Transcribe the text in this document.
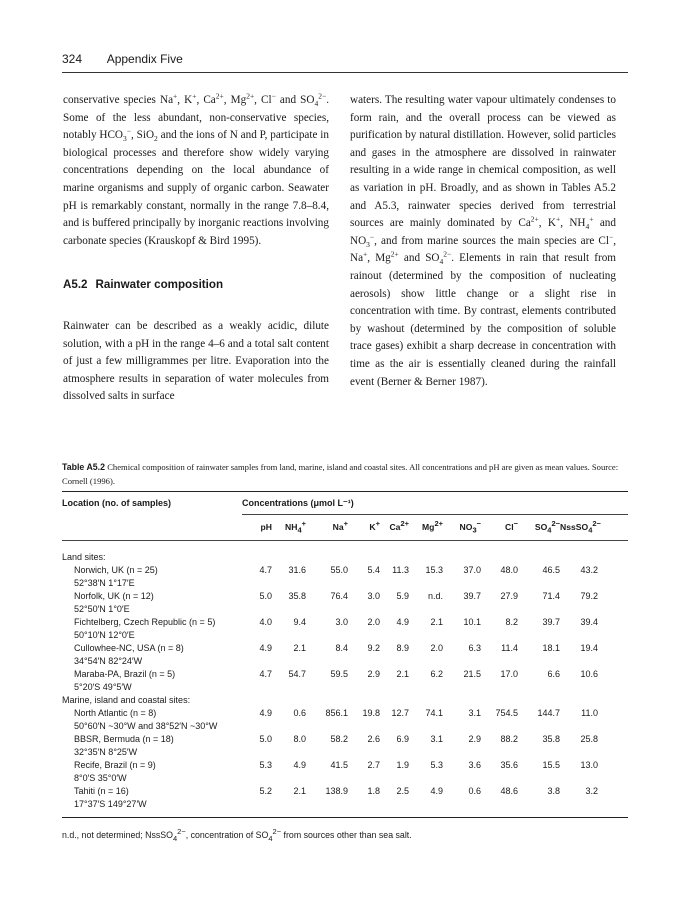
324 Appendix Five

conservative species Na+, K+, $Ca^{2+}$, $Mg^{2+}$, Cl− and $SO_4^{2-}$. Some of the less abundant, non-conservative species, notably $HCO_3^-$, SiO$_2$ and the ions of N and P, participate in biological processes and therefore show widely varying concentrations depending on the local abundance of marine organisms and supply of organic carbon. Seawater pH is remarkably constant, normally in the range 7.8–8.4, and is buffered principally by inorganic reactions involving carbonate species (Krauskopf & Bird 1995).

A5.2 Rainwater composition

Rainwater can be described as a weakly acidic, dilute solution, with a pH in the range 4–6 and a total salt content of just a few milligrammes per litre. Evaporation into the atmosphere results in separation of water molecules from dissolved salts in surface

waters. The resulting water vapour ultimately condenses to form rain, and the overall process can be viewed as purification by natural distillation. However, solid particles and gases in the atmosphere are dissolved in rainwater resulting in a wide range in chemical composition, as well as variation in pH. Broadly, and as shown in Tables A5.2 and A5.3, rainwater species derived from terrestrial sources are mainly dominated by $Ca^{2+}$, K+, $NH_4^+$ and $NO_3^-$, and from marine sources the main species are Cl−, Na+, $Mg^{2+}$ and $SO_4^{2-}$. Elements in rain that result from rainout (determined by the composition of nucleating aerosols) show little change or a slight rise in concentration with time. By contrast, elements contributed by washout (determined by the composition of soluble trace gases) exhibit a sharp decrease in concentration with time as the air is essentially cleaned during the rainfall event (Berner & Berner 1987).

Table A5.2 Chemical composition of rainwater samples from land, marine, island and coastal sites. All concentrations and pH are given as mean values. Source: Cornell (1996).
Location (no. of samples)	Concentrations (μmol L⁻¹)
pH	$NH_4^+$	Na+	K+	$Ca^{2+}$	$Mg^{2+}$	$NO_3^-$	Cl−	$SO_4^{2-}$ NssSO$_4^{2-}$
Land sites:
Norwich, UK (n = 25)
52°38′N 1°17′E
4.7	31.6	55.0	5.4	11.3	15.3	37.0	48.0	46.5	43.2
Norfolk, UK (n = 12)
52°50′N 1°0′E
5.0	35.8	76.4	3.0	5.9	n.d.	39.7	27.9	71.4	79.2
Fichtelberg, Czech Republic (n = 5)
50°10′N 12°0′E
4.0	9.4	3.0	2.0	4.9	2.1	10.1	8.2	39.7	39.4
Cullowhee-NC, USA (n = 8)
34°54′N 82°24′W
4.9	2.1	8.4	9.2	8.9	2.0	6.3	11.4	18.1	19.4
Maraba-PA, Brazil (n = 5)
5°20′S 49°5′W
4.7	54.7	59.5	2.9	2.1	6.2	21.5	17.0	6.6	10.6
Marine, island and coastal sites:
North Atlantic (n = 8)
50°60′N ~30°W and 38°52′N ~30°W
4.9	0.6	856.1	19.8	12.7	74.1	3.1	754.5	144.7	11.0
BBSR, Bermuda (n = 18)
32°35′N 8°25′W
5.0	8.0	58.2	2.6	6.9	3.1	2.9	88.2	35.8	25.8
Recife, Brazil (n = 9)
8°0′S 35°0′W
5.3	4.9	41.5	2.7	1.9	5.3	3.6	35.6	15.5	13.0
Tahiti (n = 16)
17°37′S 149°27′W
5.2	2.1	138.9	1.8	2.5	4.9	0.6	48.6	3.8	3.2
n.d., not determined; NssSO$_4^{2-}$, concentration of $SO_4^{2-}$ from sources other than sea salt.
